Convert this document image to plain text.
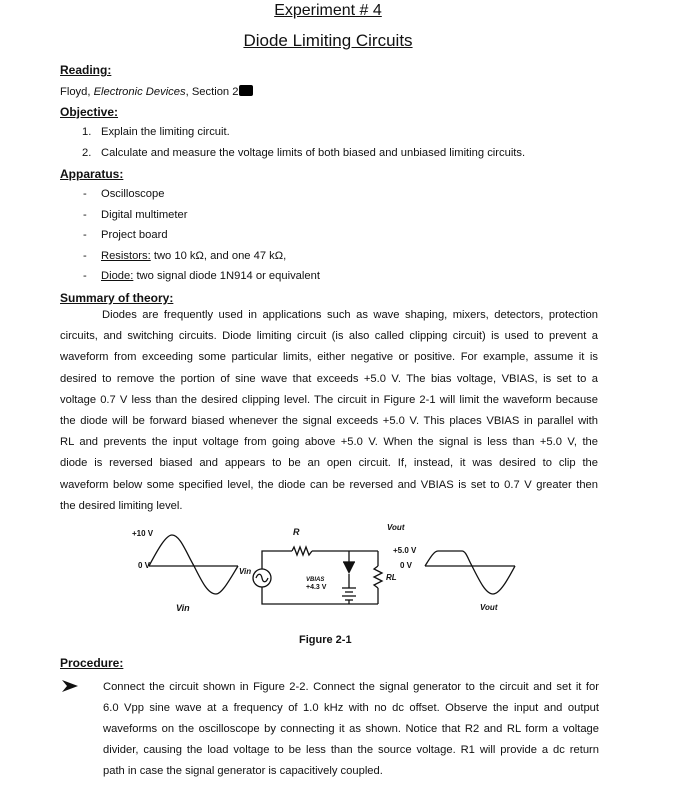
Experiment # 4
Diode Limiting Circuits
Reading:
Floyd, Electronic Devices, Section 2
Objective:
1. Explain the limiting circuit.
2. Calculate and measure the voltage limits of both biased and unbiased limiting circuits.
Apparatus:
- Oscilloscope
- Digital multimeter
- Project board
- Resistors: two 10 kΩ, and one 47 kΩ,
- Diode: two signal diode 1N914 or equivalent
Summary of theory:
Diodes are frequently used in applications such as wave shaping, mixers, detectors, protection
circuits, and switching circuits. Diode limiting circuit (is also called clipping circuit) is used to prevent a
waveform from exceeding some particular limits, either negative or positive. For example, assume it is
desired to remove the portion of sine wave that exceeds +5.0 V. The bias voltage, VBIAS, is set to a
voltage 0.7 V less than the desired clipping level. The circuit in Figure 2-1 will limit the waveform because
the diode will be forward biased whenever the signal exceeds +5.0 V. This places VBIAS in parallel with
RL and prevents the input voltage from going above +5.0 V. When the signal is less than +5.0 V, the
diode is reversed biased and appears to be an open circuit. If, instead, it was desired to clip the
waveform below some specified level, the diode can be reversed and VBIAS is set to 0.7 V greater then
the desired limiting level.
+10 V
0 V
Vin
Vin
R	Vout
VBIAS
+4.3 V
RL
+5.0 V
0 V
Vout
Figure 2-1
Procedure:
Connect the circuit shown in Figure 2-2. Connect the signal generator to the circuit and set it for
6.0 Vpp sine wave at a frequency of 1.0 kHz with no dc offset. Observe the input and output
waveforms on the oscilloscope by connecting it as shown. Notice that R2 and RL form a voltage
divider, causing the load voltage to be less than the source voltage. R1 will provide a dc return
path in case the signal generator is capacitively coupled.
